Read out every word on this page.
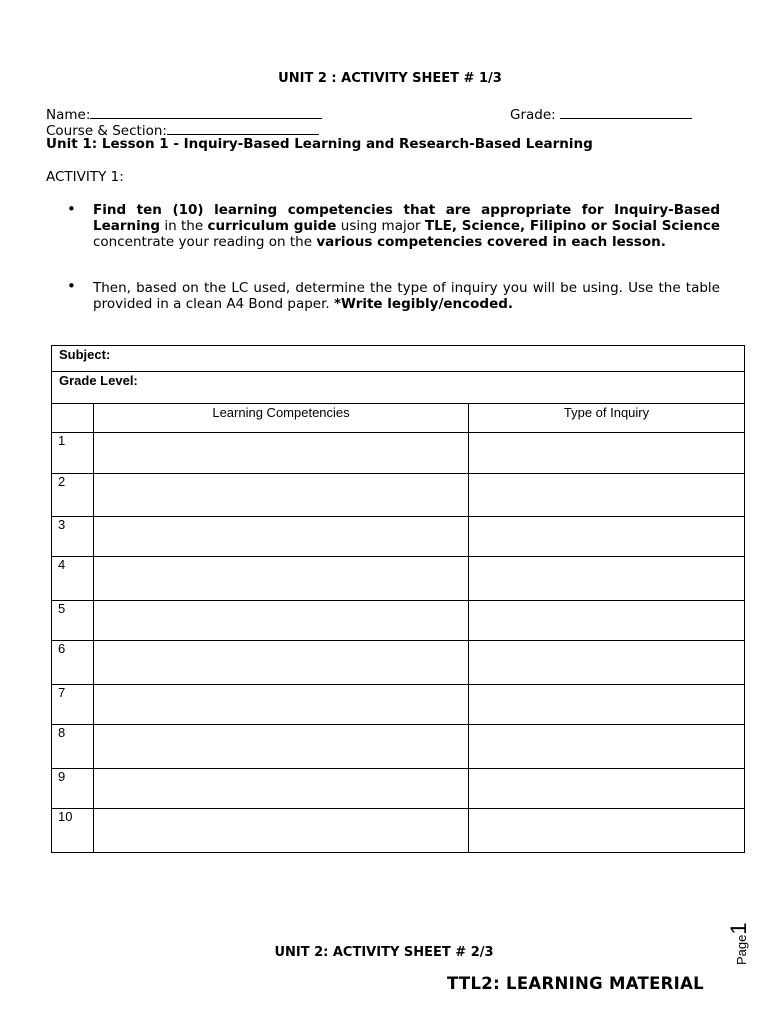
UNIT 2 : ACTIVITY SHEET # 1/3
Name:	Grade:
Course & Section:
Unit 1: Lesson 1 - Inquiry-Based Learning and Research-Based Learning
ACTIVITY 1:
• Find ten (10) learning competencies that are appropriate for Inquiry-Based Learning in the curriculum guide using major TLE, Science, Filipino or Social Science concentrate your reading on the various competencies covered in each lesson.
• Then, based on the LC used, determine the type of inquiry you will be using. Use the table provided in a clean A4 Bond paper. *Write legibly/encoded.
Subject:		
Grade Level:		
	Learning Competencies	Type of Inquiry
1		
2		
3		
4		
5		
6		
7		
8		
9		
10		
UNIT 2: ACTIVITY SHEET # 2/3
TTL2: LEARNING MATERIAL
Page1
